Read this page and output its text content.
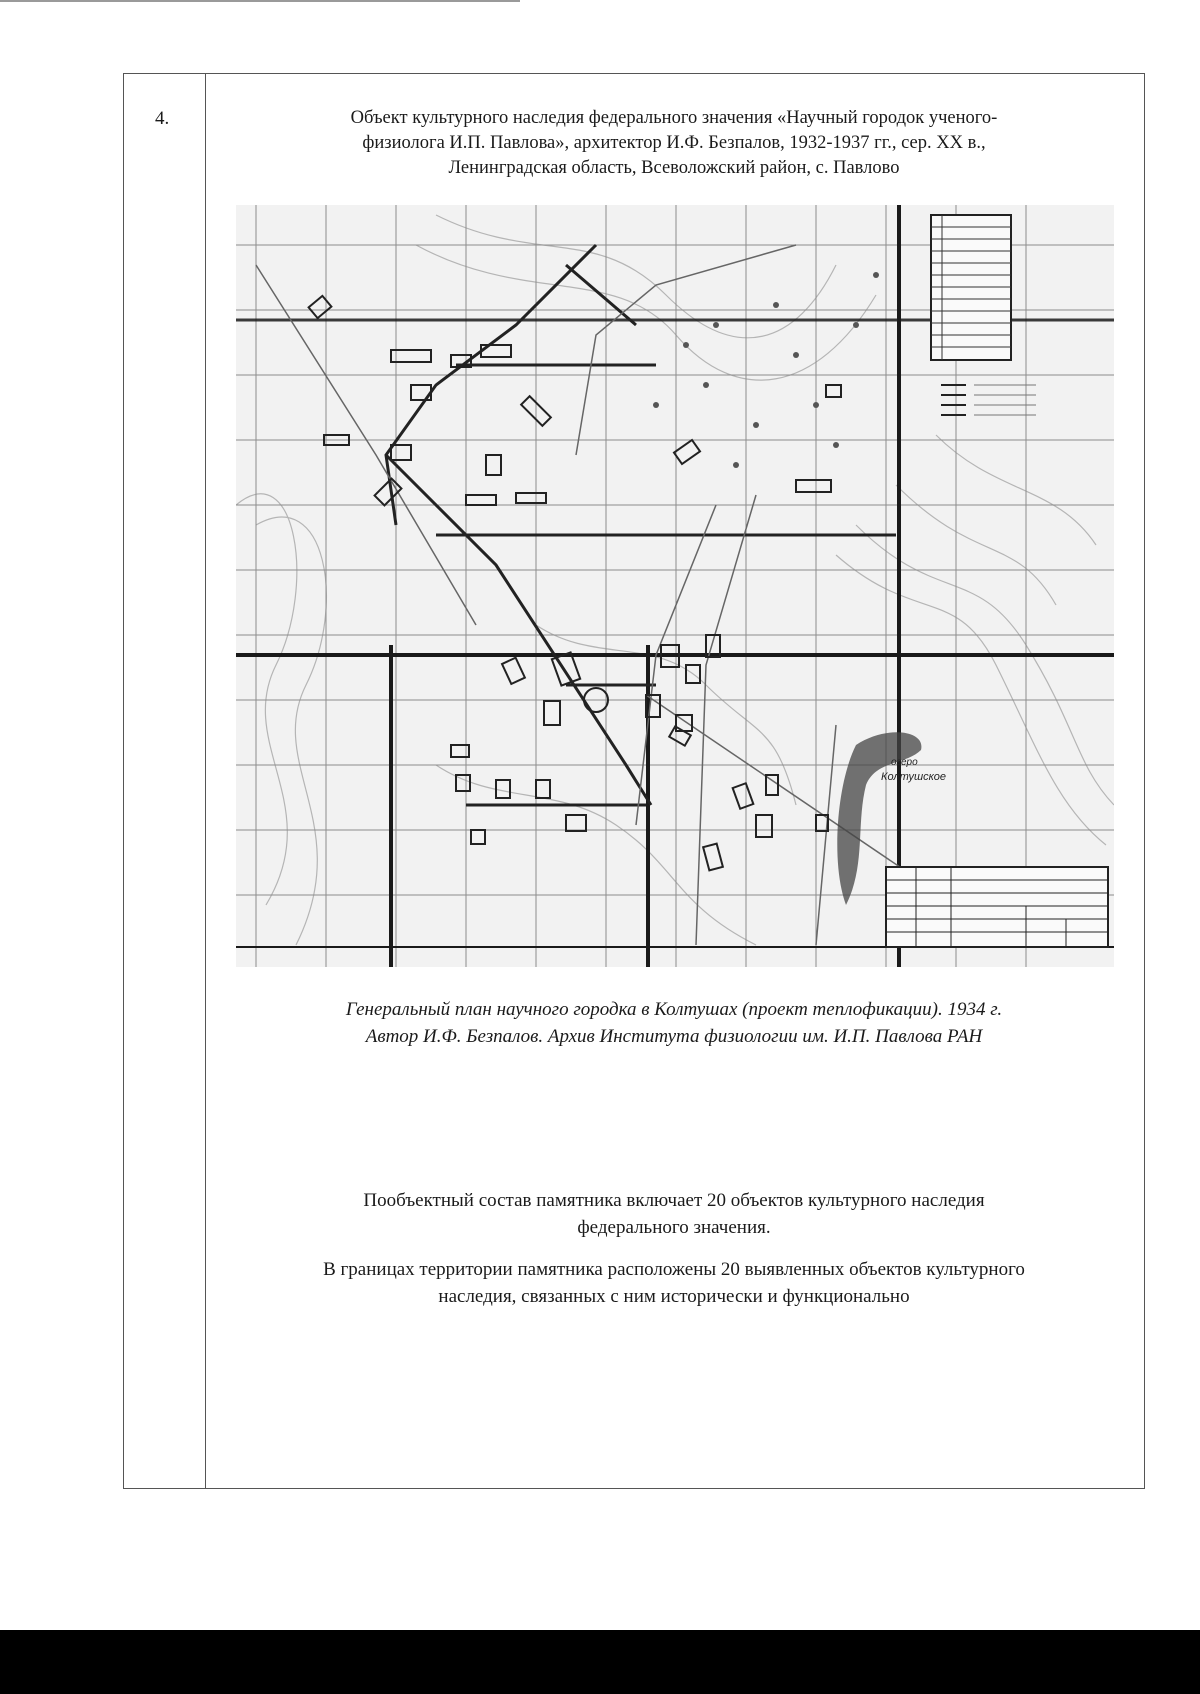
4.	Объект культурного наследия федерального значения «Научный городок ученого-
физиолога И.П. Павлова», архитектор И.Ф. Безпалов, 1932-1937 гг., сер. XX в.,
Ленинградская область, Всеволожский район, с. Павлово
озеро
Колтушское
Генеральный план научного городка в Колтушах (проект теплофикации). 1934 г.
Автор И.Ф. Безпалов. Архив Института физиологии им. И.П. Павлова РАН
Пообъектный состав памятника включает 20 объектов культурного наследия
федерального значения.
В границах территории памятника расположены 20 выявленных объектов культурного
наследия, связанных с ним исторически и функционально
